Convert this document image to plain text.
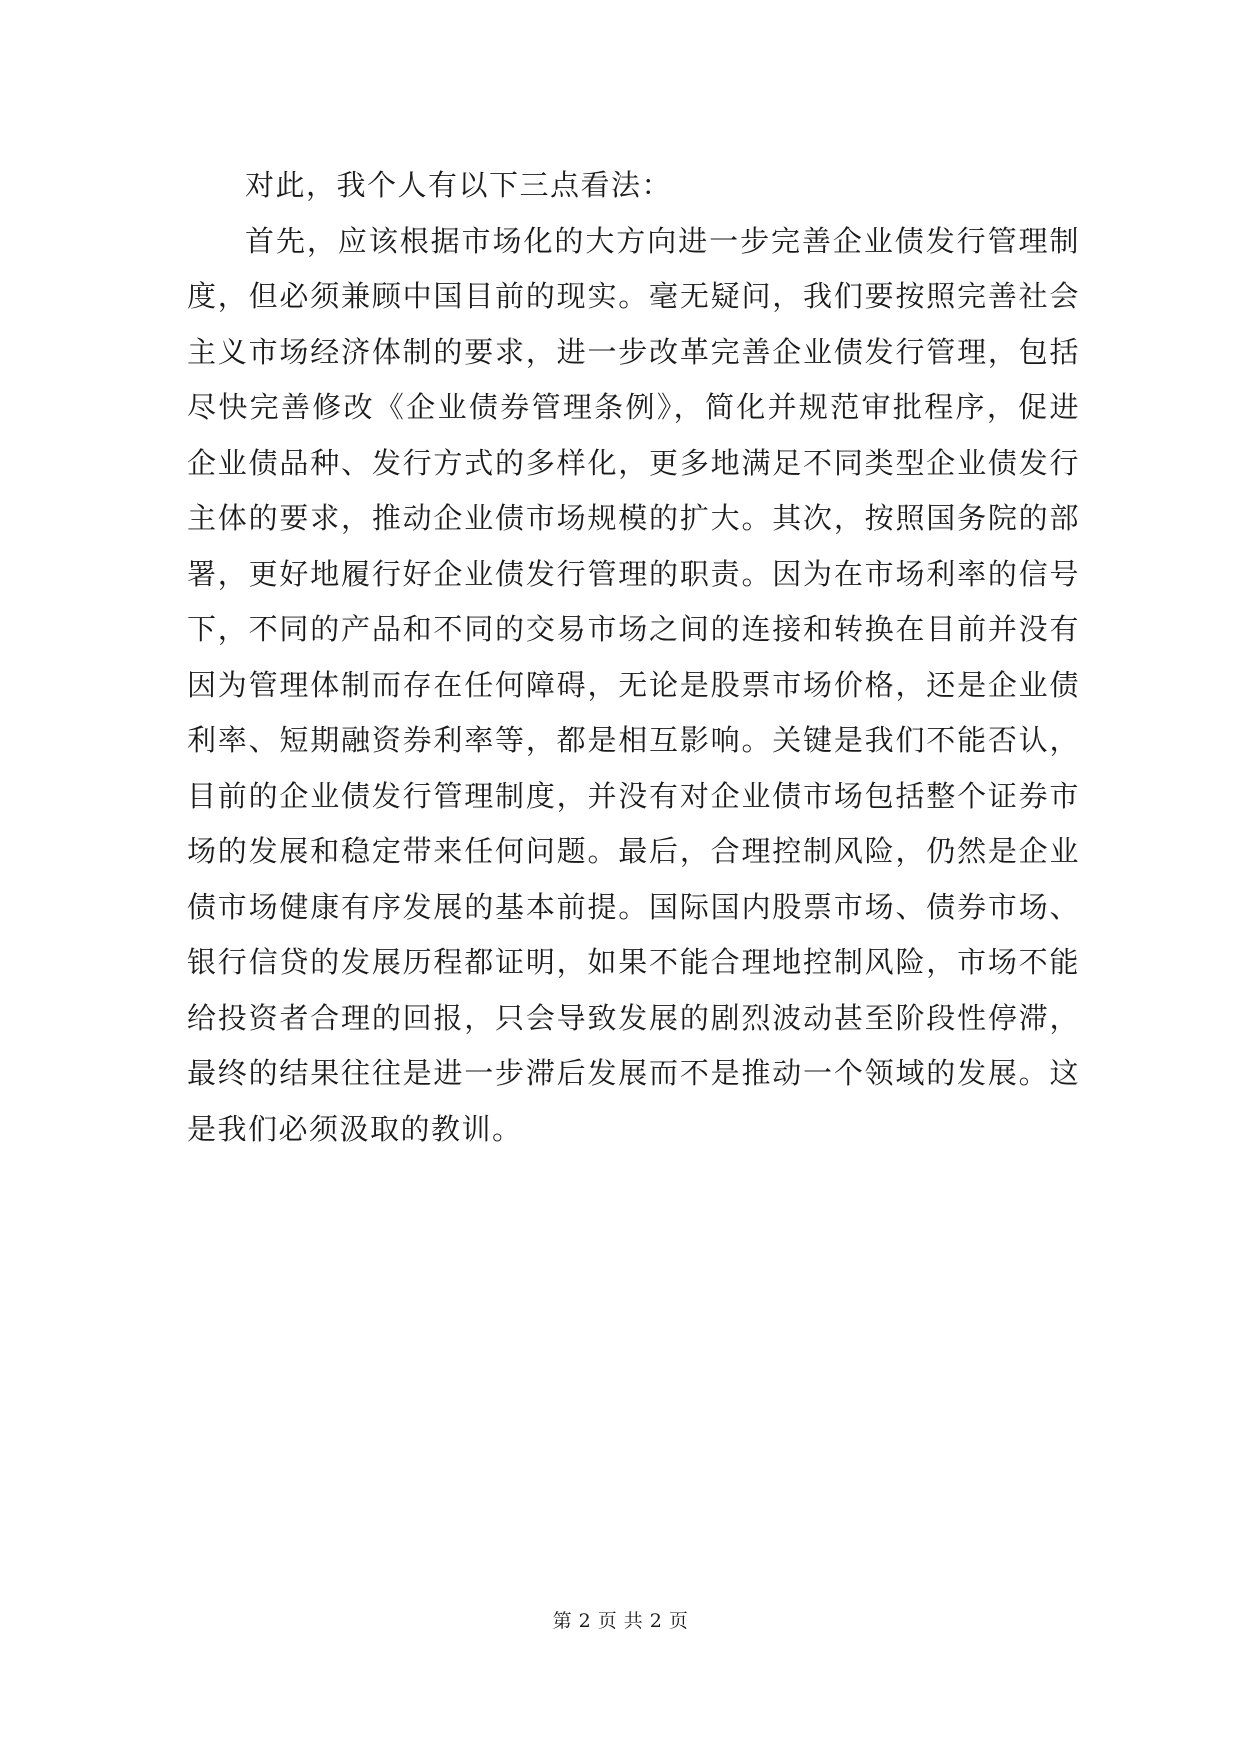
对此，我个人有以下三点看法：

首先，应该根据市场化的大方向进一步完善企业债发行管理制度，但必须兼顾中国目前的现实。毫无疑问，我们要按照完善社会主义市场经济体制的要求，进一步改革完善企业债发行管理，包括尽快完善修改《企业债券管理条例》，简化并规范审批程序，促进企业债品种、发行方式的多样化，更多地满足不同类型企业债发行主体的要求，推动企业债市场规模的扩大。其次，按照国务院的部署，更好地履行好企业债发行管理的职责。因为在市场利率的信号下，不同的产品和不同的交易市场之间的连接和转换在目前并没有因为管理体制而存在任何障碍，无论是股票市场价格，还是企业债利率、短期融资券利率等，都是相互影响。关键是我们不能否认，目前的企业债发行管理制度，并没有对企业债市场包括整个证券市场的发展和稳定带来任何问题。最后，合理控制风险，仍然是企业债市场健康有序发展的基本前提。国际国内股票市场、债券市场、银行信贷的发展历程都证明，如果不能合理地控制风险，市场不能给投资者合理的回报，只会导致发展的剧烈波动甚至阶段性停滞，最终的结果往往是进一步滞后发展而不是推动一个领域的发展。这是我们必须汲取的教训。

第 2 页 共 2 页
